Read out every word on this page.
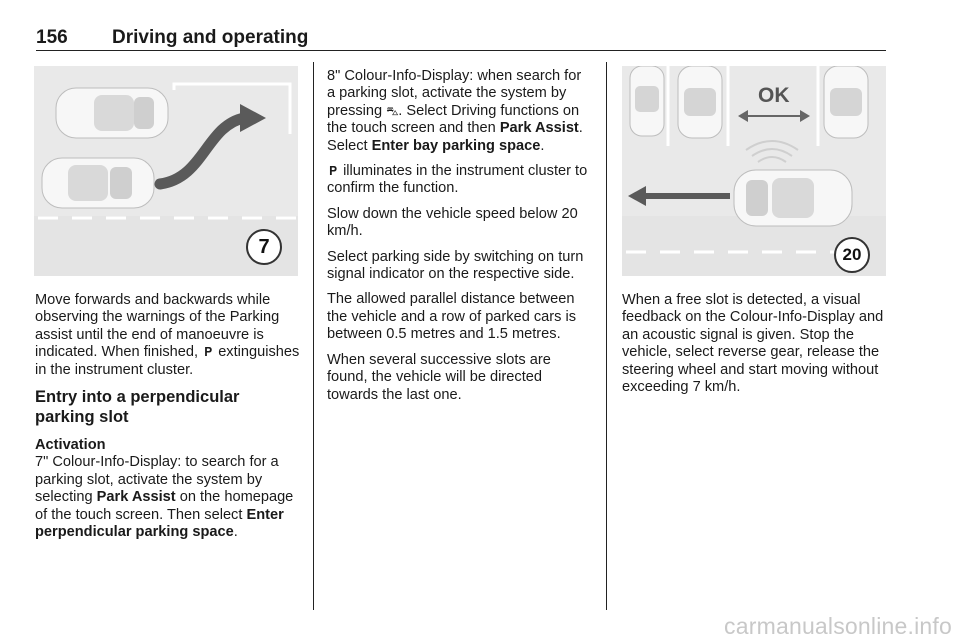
156 Driving and operating
7

Move forwards and backwards while observing the warnings of the Parking assist until the end of manoeuvre is indicated. When finished, 𝐏 extinguishes in the instrument cluster.

Entry into a perpendicular parking slot
Activation

7" Colour-Info-Display: to search for a parking slot, activate the system by selecting Park Assist on the homepage of the touch screen. Then select Enter perpendicular parking space.

8" Colour-Info-Display: when search for a parking slot, activate the system by pressing ⛍. Select Driving functions on the touch screen and then Park Assist. Select Enter bay parking space.

𝐏 illuminates in the instrument cluster to confirm the function.

Slow down the vehicle speed below 20 km/h.

Select parking side by switching on turn signal indicator on the respective side.

The allowed parallel distance between the vehicle and a row of parked cars is between 0.5 metres and 1.5 metres.

When several successive slots are found, the vehicle will be directed towards the last one.

OK
20

When a free slot is detected, a visual feedback on the Colour-Info-Display and an acoustic signal is given. Stop the vehicle, select reverse gear, release the steering wheel and start moving without exceeding 7 km/h.

carmanualsonline.info
